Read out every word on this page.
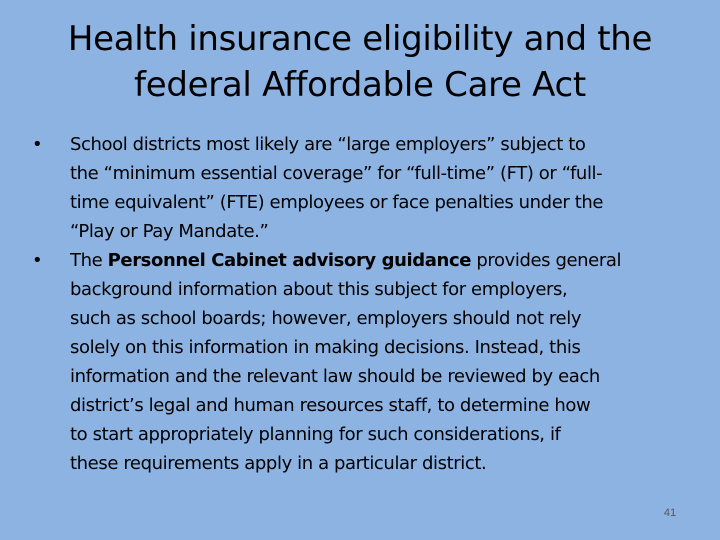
Health insurance eligibility and the
federal Affordable Care Act
•	School districts most likely are “large employers” subject to
the “minimum essential coverage” for “full-time” (FT) or “full-
time equivalent” (FTE) employees or face penalties under the
“Play or Pay Mandate.”
•	The Personnel Cabinet advisory guidance provides general
background information about this subject for employers,
such as school boards; however, employers should not rely
solely on this information in making decisions. Instead, this
information and the relevant law should be reviewed by each
district’s legal and human resources staff, to determine how
to start appropriately planning for such considerations, if
these requirements apply in a particular district.
41
